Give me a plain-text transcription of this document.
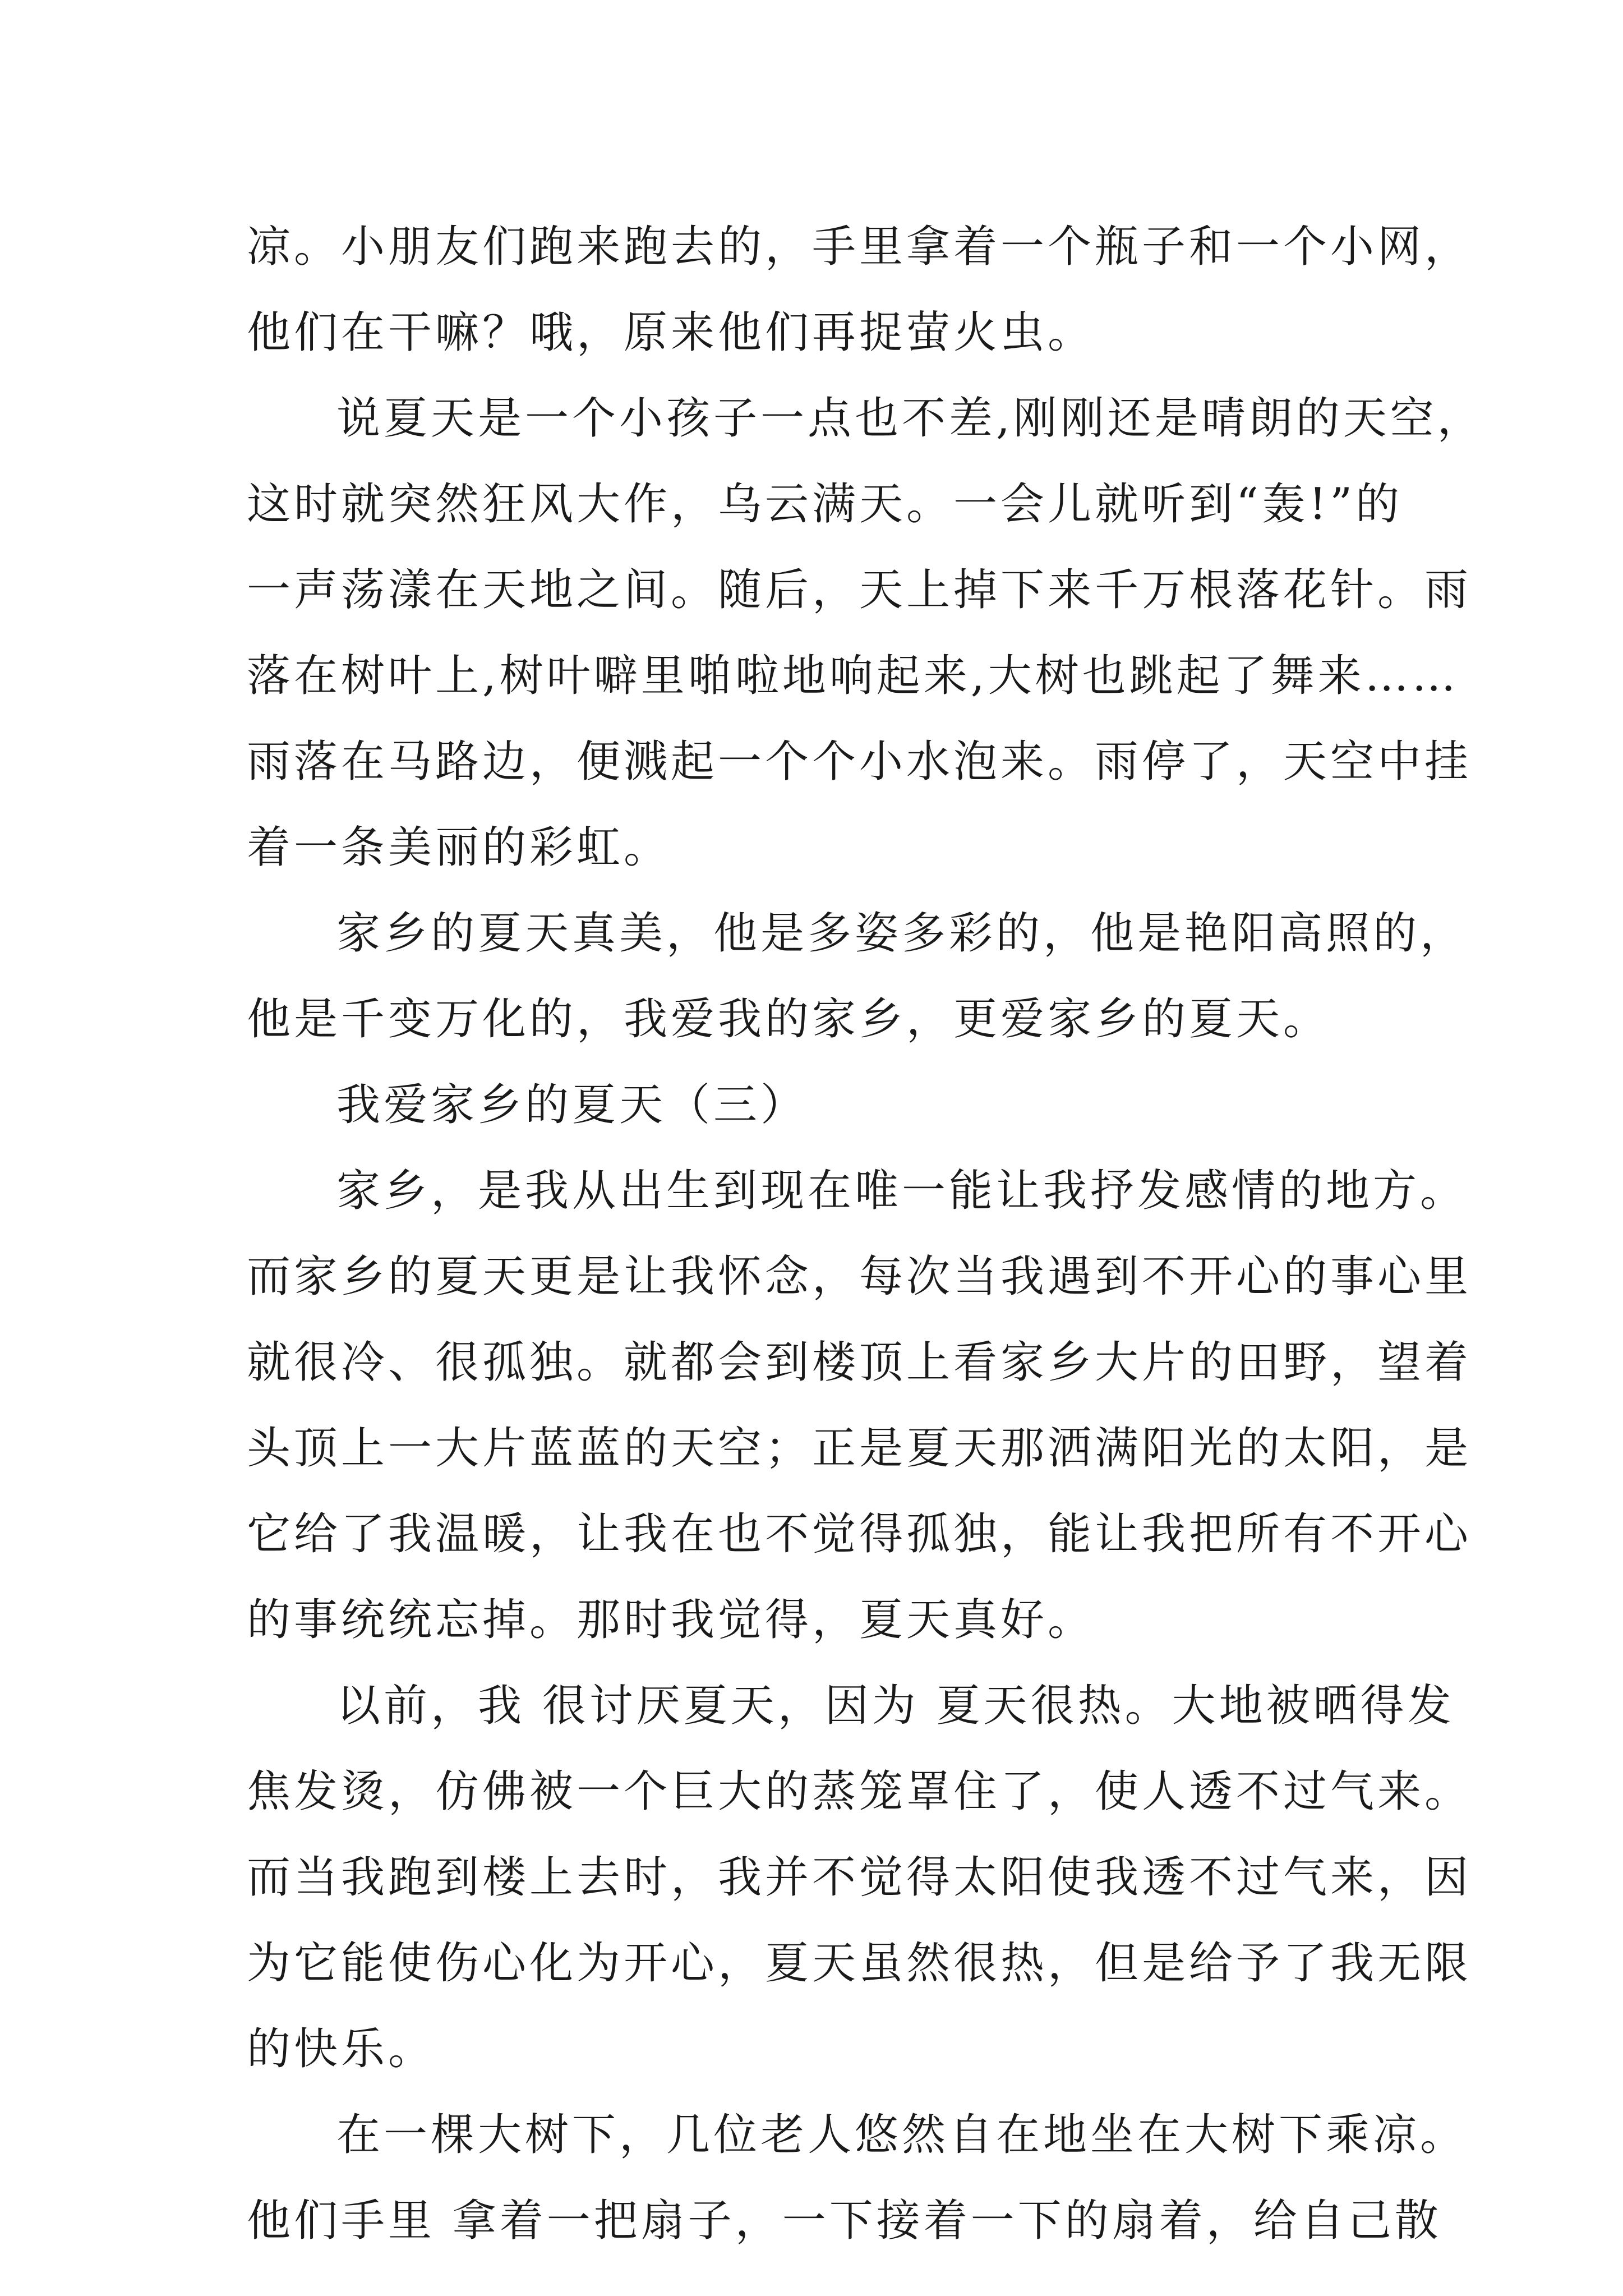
凉。小朋友们跑来跑去的，手里拿着一个瓶子和一个小网，
他们在干嘛？哦，原来他们再捉萤火虫。
说夏天是一个小孩子一点也不差,刚刚还是晴朗的天空，
这时就突然狂风大作，乌云满天。一会儿就听到“轰!”的
一声荡漾在天地之间。随后，天上掉下来千万根落花针。雨
落在树叶上,树叶噼里啪啦地响起来,大树也跳起了舞来……
雨落在马路边，便溅起一个个小水泡来。雨停了，天空中挂
着一条美丽的彩虹。
家乡的夏天真美，他是多姿多彩的，他是艳阳高照的，
他是千变万化的，我爱我的家乡，更爱家乡的夏天。
我爱家乡的夏天（三）
家乡，是我从出生到现在唯一能让我抒发感情的地方。
而家乡的夏天更是让我怀念，每次当我遇到不开心的事心里
就很冷、很孤独。就都会到楼顶上看家乡大片的田野，望着
头顶上一大片蓝蓝的天空；正是夏天那洒满阳光的太阳，是
它给了我温暖，让我在也不觉得孤独，能让我把所有不开心
的事统统忘掉。那时我觉得，夏天真好。
以前，我 很讨厌夏天，因为 夏天很热。大地被晒得发
焦发烫，仿佛被一个巨大的蒸笼罩住了，使人透不过气来。
而当我跑到楼上去时，我并不觉得太阳使我透不过气来，因
为它能使伤心化为开心，夏天虽然很热，但是给予了我无限
的快乐。
在一棵大树下，几位老人悠然自在地坐在大树下乘凉。
他们手里 拿着一把扇子，一下接着一下的扇着，给自己散
